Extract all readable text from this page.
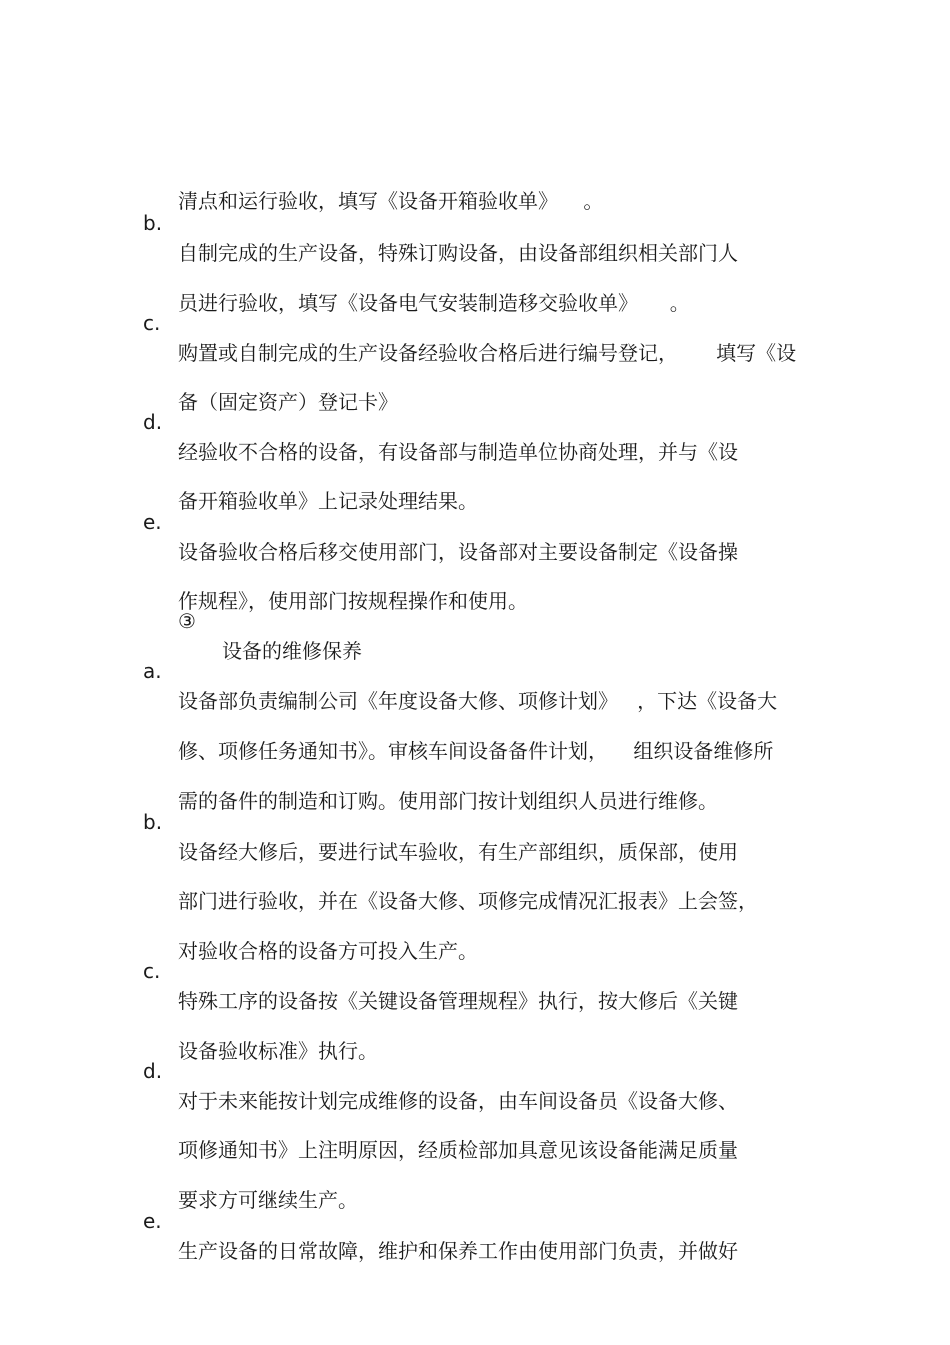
清点和运行验收，填写《设备开箱验收单》    。

b.

自制完成的生产设备，特殊订购设备，由设备部组织相关部门人

员进行验收，填写《设备电气安装制造移交验收单》     。

c.

购置或自制完成的生产设备经验收合格后进行编号登记，      填写《设

备（固定资产）登记卡》

d.

经验收不合格的设备，有设备部与制造单位协商处理，并与《设

备开箱验收单》上记录处理结果。

e.

设备验收合格后移交使用部门，设备部对主要设备制定《设备操

作规程》，使用部门按规程操作和使用。

③

设备的维修保养

a.

设备部负责编制公司《年度设备大修、项修计划》   ，下达《设备大

修、项修任务通知书》。审核车间设备备件计划，    组织设备维修所

需的备件的制造和订购。使用部门按计划组织人员进行维修。

b.

设备经大修后，要进行试车验收，有生产部组织，质保部，使用

部门进行验收，并在《设备大修、项修完成情况汇报表》上会签，

对验收合格的设备方可投入生产。

c.

特殊工序的设备按《关键设备管理规程》执行，按大修后《关键

设备验收标准》执行。

d.

对于未来能按计划完成维修的设备，由车间设备员《设备大修、

项修通知书》上注明原因，经质检部加具意见该设备能满足质量

要求方可继续生产。

e.

生产设备的日常故障，维护和保养工作由使用部门负责，并做好
